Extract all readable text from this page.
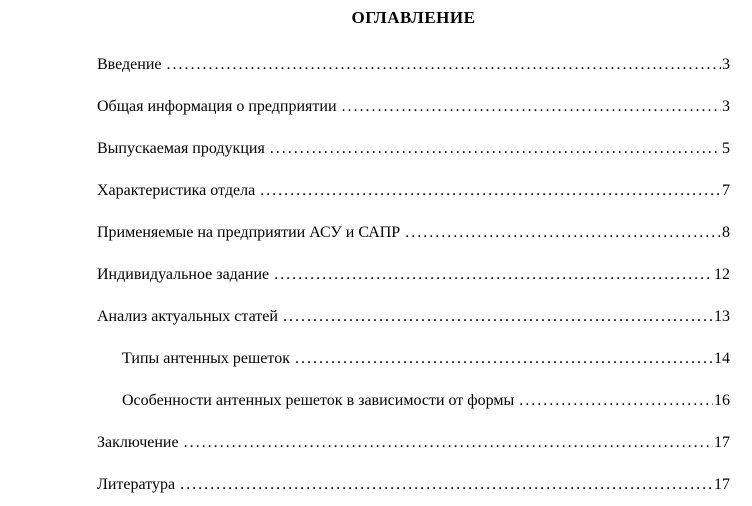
ОГЛАВЛЕНИЕ
Введение .....	3
Общая информация о предприятии .....	3
Выпускаемая продукция .....	5
Характеристика отдела .....	7
Применяемые на предприятии АСУ и САПР .....	8
Индивидуальное задание .....	12
Анализ актуальных статей .....	13
Типы антенных решеток .....	14
Особенности антенных решеток в зависимости от формы .....	16
Заключение .....	17
Литература .....	17
